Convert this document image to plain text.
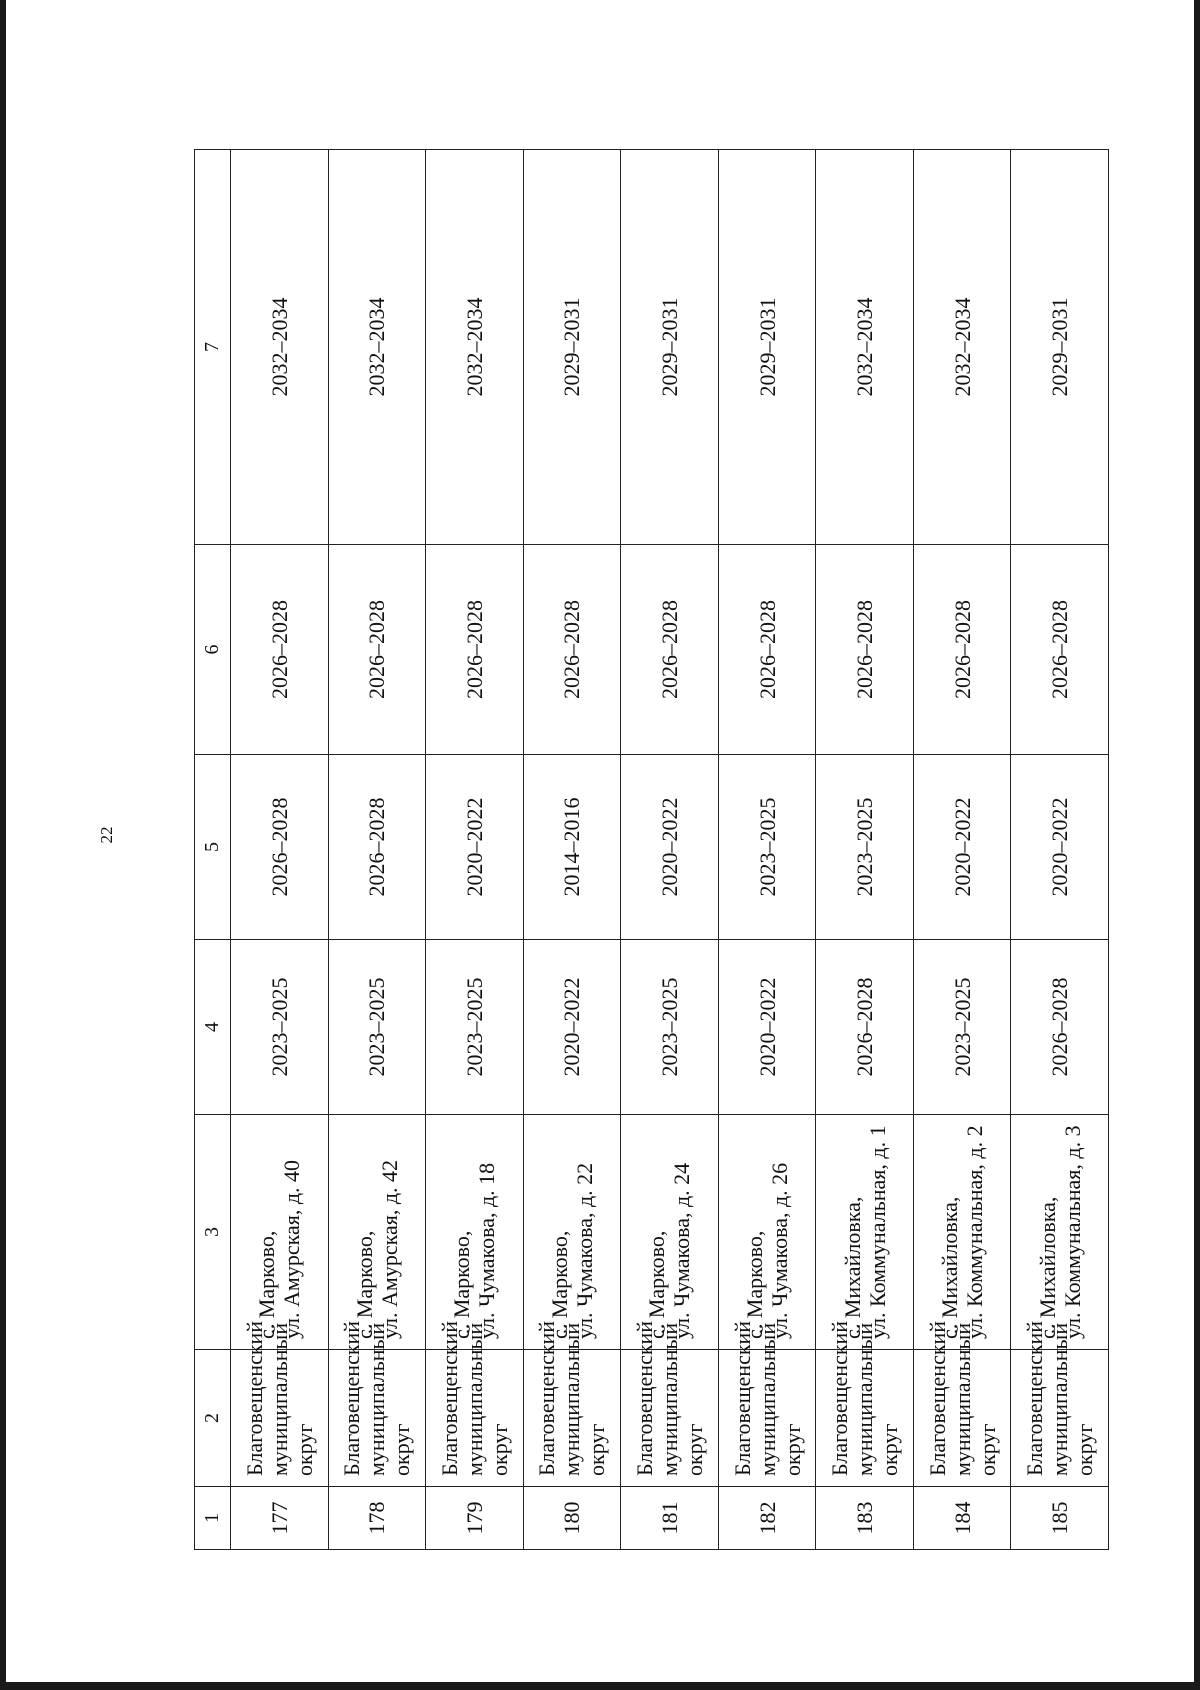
22
1	2	3	4	5	6	7
177	Благовещенский муниципальный округ	с. Марково, ул. Амурская, д. 40	2023–2025	2026–2028	2026–2028	2032–2034
178	Благовещенский муниципальный округ	с. Марково, ул. Амурская, д. 42	2023–2025	2026–2028	2026–2028	2032–2034
179	Благовещенский муниципальный округ	с. Марково, ул. Чумакова, д. 18	2023–2025	2020–2022	2026–2028	2032–2034
180	Благовещенский муниципальный округ	с. Марково, ул. Чумакова, д. 22	2020–2022	2014–2016	2026–2028	2029–2031
181	Благовещенский муниципальный округ	с. Марково, ул. Чумакова, д. 24	2023–2025	2020–2022	2026–2028	2029–2031
182	Благовещенский муниципальный округ	с. Марково, ул. Чумакова, д. 26	2020–2022	2023–2025	2026–2028	2029–2031
183	Благовещенский муниципальный округ	с. Михайловка, ул. Коммунальная, д. 1	2026–2028	2023–2025	2026–2028	2032–2034
184	Благовещенский муниципальный округ	с. Михайловка, ул. Коммунальная, д. 2	2023–2025	2020–2022	2026–2028	2032–2034
185	Благовещенский муниципальный округ	с. Михайловка, ул. Коммунальная, д. 3	2026–2028	2020–2022	2026–2028	2029–2031
